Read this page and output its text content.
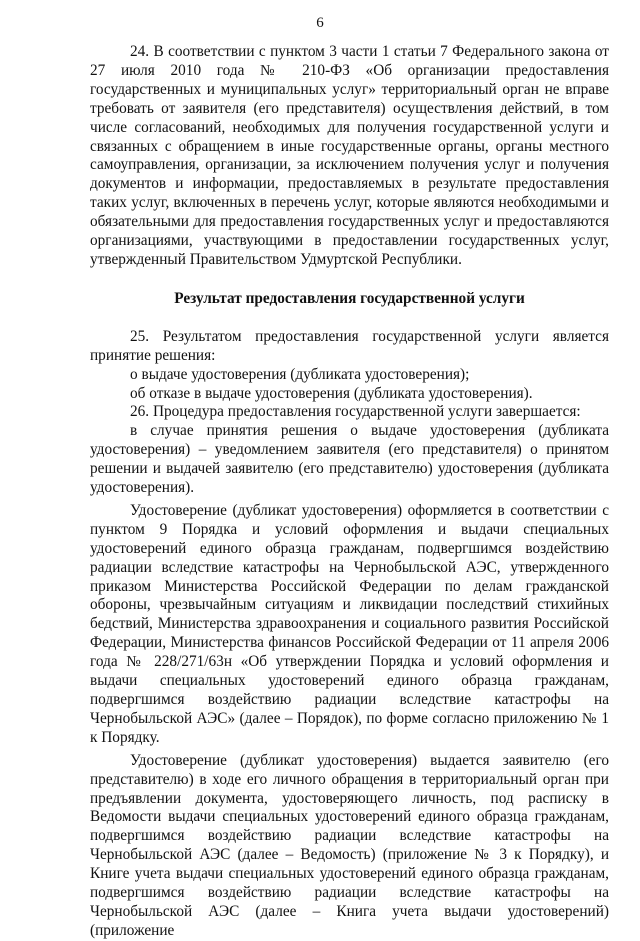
6

24. В соответствии с пунктом 3 части 1 статьи 7 Федерального закона от 27 июля 2010 года № 210-ФЗ «Об организации предоставления государственных и муниципальных услуг» территориальный орган не вправе требовать от заявителя (его представителя) осуществления действий, в том числе согласований, необходимых для получения государственной услуги и связанных с обращением в иные государственные органы, органы местного самоуправления, организации, за исключением получения услуг и получения документов и информации, предоставляемых в результате предоставления таких услуг, включенных в перечень услуг, которые являются необходимыми и обязательными для предоставления государственных услуг и предоставляются организациями, участвующими в предоставлении государственных услуг, утвержденный Правительством Удмуртской Республики.

Результат предоставления государственной услуги

25. Результатом предоставления государственной услуги является принятие решения:

о выдаче удостоверения (дубликата удостоверения);

об отказе в выдаче удостоверения (дубликата удостоверения).

26. Процедура предоставления государственной услуги завершается:

в случае принятия решения о выдаче удостоверения (дубликата удостоверения) – уведомлением заявителя (его представителя) о принятом решении и выдачей заявителю (его представителю) удостоверения (дубликата удостоверения).

Удостоверение (дубликат удостоверения) оформляется в соответствии с пунктом 9 Порядка и условий оформления и выдачи специальных удостоверений единого образца гражданам, подвергшимся воздействию радиации вследствие катастрофы на Чернобыльской АЭС, утвержденного приказом Министерства Российской Федерации по делам гражданской обороны, чрезвычайным ситуациям и ликвидации последствий стихийных бедствий, Министерства здравоохранения и социального развития Российской Федерации, Министерства финансов Российской Федерации от 11 апреля 2006 года № 228/271/63н «Об утверждении Порядка и условий оформления и выдачи специальных удостоверений единого образца гражданам, подвергшимся воздействию радиации вследствие катастрофы на Чернобыльской АЭС» (далее – Порядок), по форме согласно приложению № 1 к Порядку.

Удостоверение (дубликат удостоверения) выдается заявителю (его представителю) в ходе его личного обращения в территориальный орган при предъявлении документа, удостоверяющего личность, под расписку в Ведомости выдачи специальных удостоверений единого образца гражданам, подвергшимся воздействию радиации вследствие катастрофы на Чернобыльской АЭС (далее – Ведомость) (приложение № 3 к Порядку), и Книге учета выдачи специальных удостоверений единого образца гражданам, подвергшимся воздействию радиации вследствие катастрофы на Чернобыльской АЭС (далее – Книга учета выдачи удостоверений) (приложение
